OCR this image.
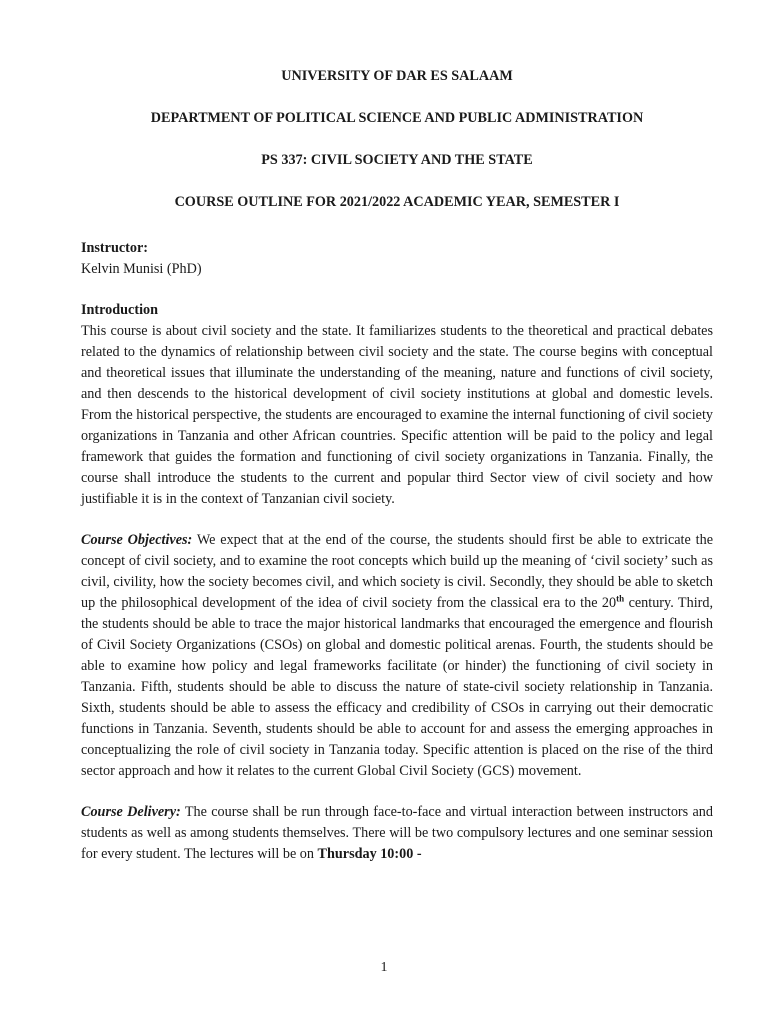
UNIVERSITY OF DAR ES SALAAM

DEPARTMENT OF POLITICAL SCIENCE AND PUBLIC ADMINISTRATION

PS 337: CIVIL SOCIETY AND THE STATE

COURSE OUTLINE FOR 2021/2022 ACADEMIC YEAR, SEMESTER I

Instructor:

Kelvin Munisi (PhD)

Introduction

This course is about civil society and the state. It familiarizes students to the theoretical and practical debates related to the dynamics of relationship between civil society and the state. The course begins with conceptual and theoretical issues that illuminate the understanding of the meaning, nature and functions of civil society, and then descends to the historical development of civil society institutions at global and domestic levels. From the historical perspective, the students are encouraged to examine the internal functioning of civil society organizations in Tanzania and other African countries. Specific attention will be paid to the policy and legal framework that guides the formation and functioning of civil society organizations in Tanzania. Finally, the course shall introduce the students to the current and popular third Sector view of civil society and how justifiable it is in the context of Tanzanian civil society.

Course Objectives: We expect that at the end of the course, the students should first be able to extricate the concept of civil society, and to examine the root concepts which build up the meaning of ‘civil society’ such as civil, civility, how the society becomes civil, and which society is civil. Secondly, they should be able to sketch up the philosophical development of the idea of civil society from the classical era to the 20th century. Third, the students should be able to trace the major historical landmarks that encouraged the emergence and flourish of Civil Society Organizations (CSOs) on global and domestic political arenas. Fourth, the students should be able to examine how policy and legal frameworks facilitate (or hinder) the functioning of civil society in Tanzania. Fifth, students should be able to discuss the nature of state-civil society relationship in Tanzania. Sixth, students should be able to assess the efficacy and credibility of CSOs in carrying out their democratic functions in Tanzania. Seventh, students should be able to account for and assess the emerging approaches in conceptualizing the role of civil society in Tanzania today. Specific attention is placed on the rise of the third sector approach and how it relates to the current Global Civil Society (GCS) movement.

Course Delivery: The course shall be run through face-to-face and virtual interaction between instructors and students as well as among students themselves. There will be two compulsory lectures and one seminar session for every student. The lectures will be on Thursday 10:00 -

1
